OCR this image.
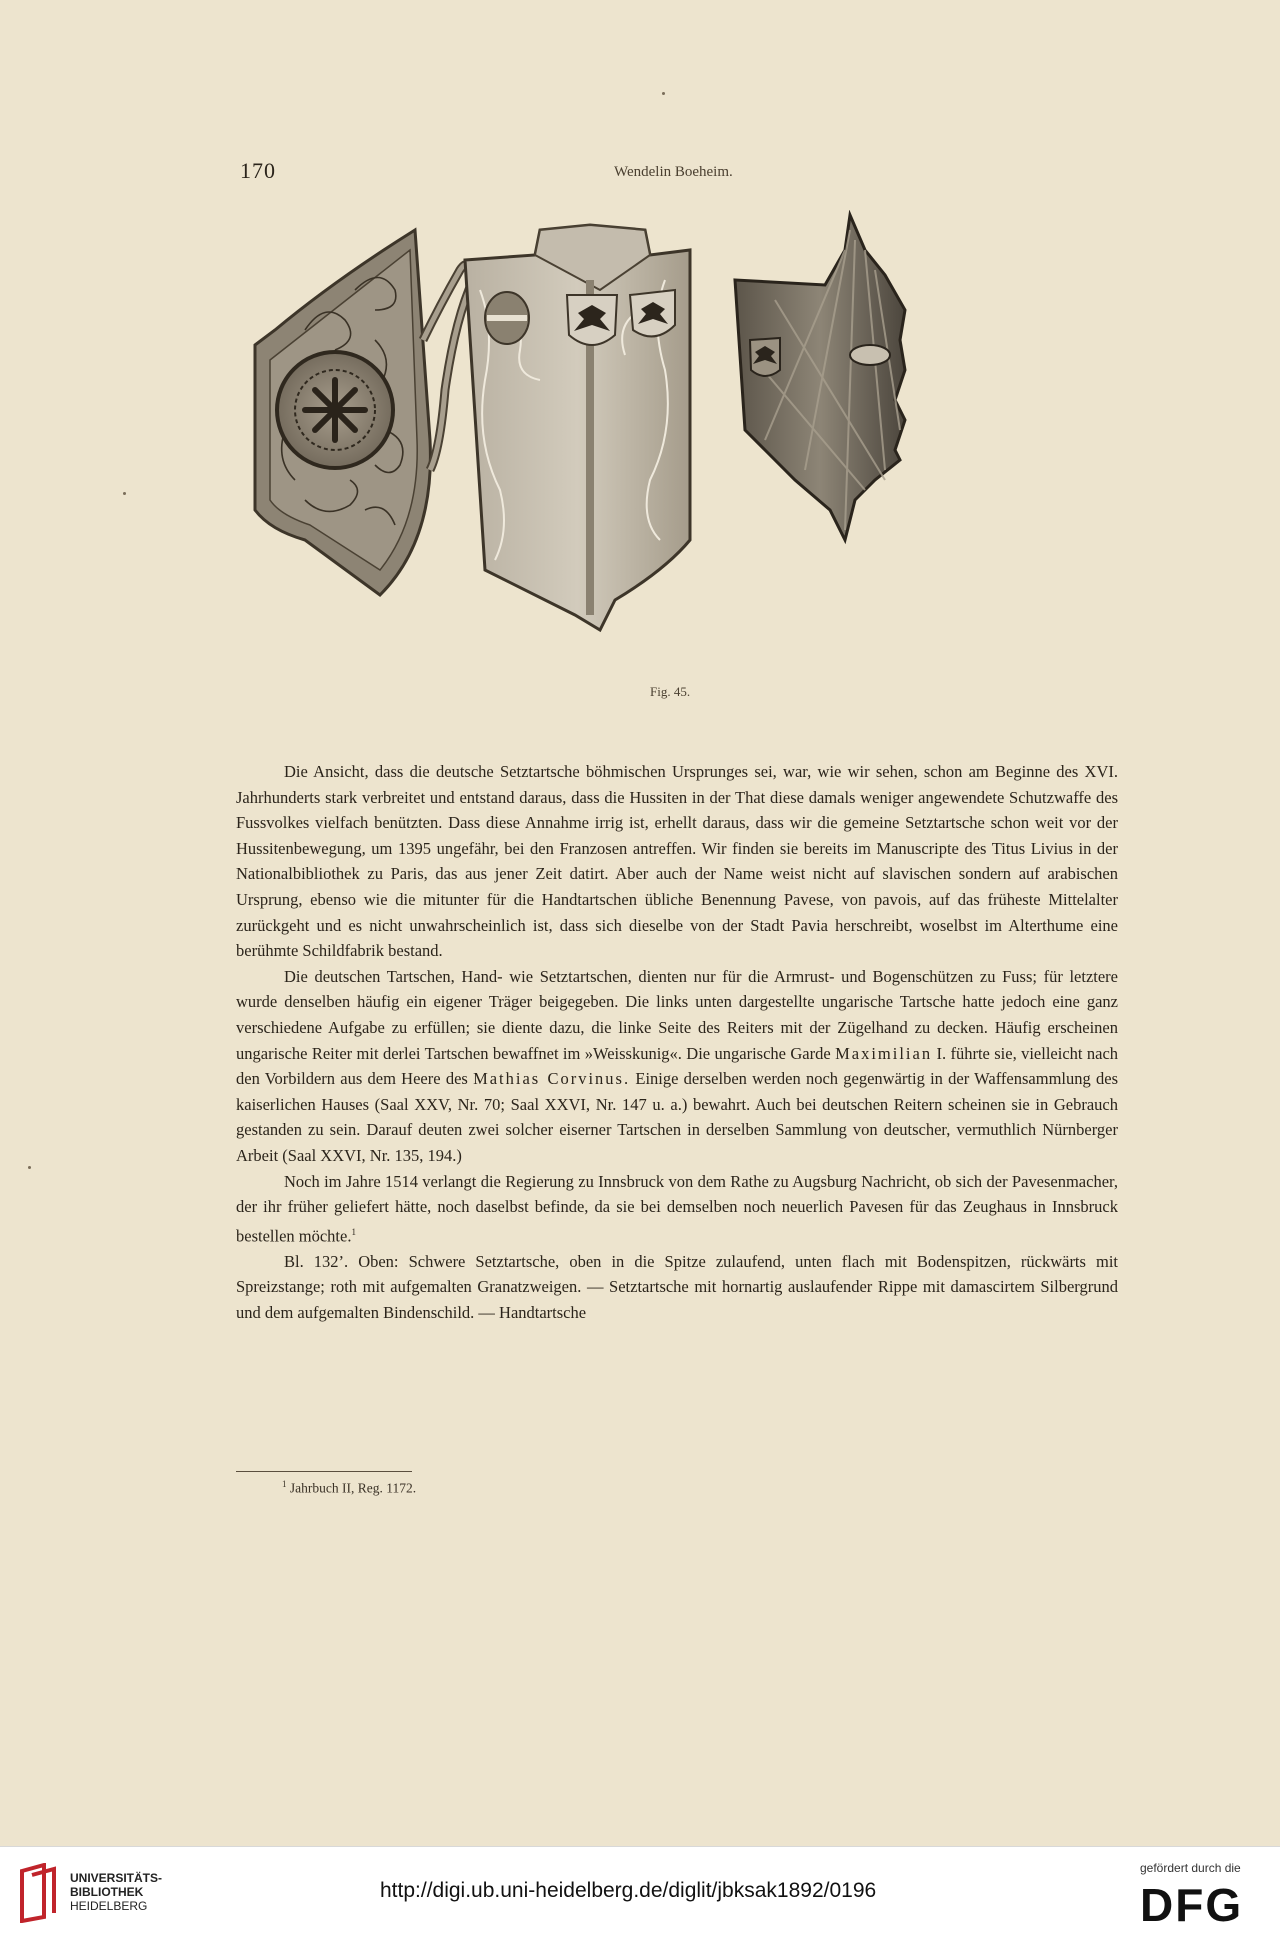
170	Wendelin Boeheim.
Fig. 45.

Die Ansicht, dass die deutsche Setztartsche böhmischen Ursprunges sei, war, wie wir sehen, schon am Beginne des XVI. Jahrhunderts stark verbreitet und entstand daraus, dass die Hussiten in der That diese damals weniger angewendete Schutzwaffe des Fussvolkes vielfach benützten. Dass diese Annahme irrig ist, erhellt daraus, dass wir die gemeine Setztartsche schon weit vor der Hussitenbewegung, um 1395 ungefähr, bei den Franzosen antreffen. Wir finden sie bereits im Manuscripte des Titus Livius in der Nationalbibliothek zu Paris, das aus jener Zeit datirt. Aber auch der Name weist nicht auf slavischen sondern auf arabischen Ursprung, ebenso wie die mitunter für die Handtartschen übliche Benennung Pavese, von pavois, auf das früheste Mittelalter zurückgeht und es nicht unwahrscheinlich ist, dass sich dieselbe von der Stadt Pavia herschreibt, woselbst im Alterthume eine berühmte Schildfabrik bestand.

Die deutschen Tartschen, Hand- wie Setztartschen, dienten nur für die Armrust- und Bogenschützen zu Fuss; für letztere wurde denselben häufig ein eigener Träger beigegeben. Die links unten dargestellte ungarische Tartsche hatte jedoch eine ganz verschiedene Aufgabe zu erfüllen; sie diente dazu, die linke Seite des Reiters mit der Zügelhand zu decken. Häufig erscheinen ungarische Reiter mit derlei Tartschen bewaffnet im »Weisskunig«. Die ungarische Garde Maximilian I. führte sie, vielleicht nach den Vorbildern aus dem Heere des Mathias Corvinus. Einige derselben werden noch gegenwärtig in der Waffensammlung des kaiserlichen Hauses (Saal XXV, Nr. 70; Saal XXVI, Nr. 147 u. a.) bewahrt. Auch bei deutschen Reitern scheinen sie in Gebrauch gestanden zu sein. Darauf deuten zwei solcher eiserner Tartschen in derselben Sammlung von deutscher, vermuthlich Nürnberger Arbeit (Saal XXVI, Nr. 135, 194.)

Noch im Jahre 1514 verlangt die Regierung zu Innsbruck von dem Rathe zu Augsburg Nachricht, ob sich der Pavesenmacher, der ihr früher geliefert hätte, noch daselbst befinde, da sie bei demselben noch neuerlich Pavesen für das Zeughaus in Innsbruck bestellen möchte.$^1$

Bl. 132’. Oben: Schwere Setztartsche, oben in die Spitze zulaufend, unten flach mit Bodenspitzen, rückwärts mit Spreizstange; roth mit aufgemalten Granatzweigen. — Setztartsche mit hornartig auslaufender Rippe mit damascirtem Silbergrund und dem aufgemalten Bindenschild. — Handtartsche

$^1$ Jahrbuch II, Reg. 1172.
UNIVERSITÄTS-
BIBLIOTHEK
HEIDELBERG
http://digi.ub.uni-heidelberg.de/diglit/jbksak1892/0196
gefördert durch die
DFG
